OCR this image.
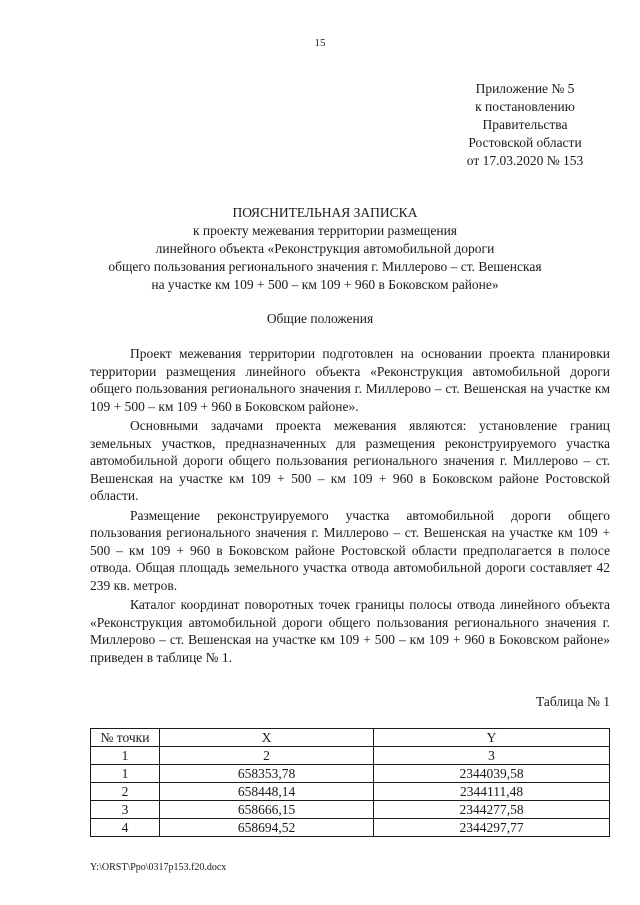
15
Приложение № 5
к постановлению
Правительства
Ростовской области
от 17.03.2020 № 153
ПОЯСНИТЕЛЬНАЯ ЗАПИСКА
к проекту межевания территории размещения
линейного объекта «Реконструкция автомобильной дороги
общего пользования регионального значения г. Миллерово – ст. Вешенская
на участке км 109 + 500 – км 109 + 960 в Боковском районе»
Общие положения

Проект межевания территории подготовлен на основании проекта планировки территории размещения линейного объекта «Реконструкция автомобильной дороги общего пользования регионального значения г. Миллерово – ст. Вешенская на участке км 109 + 500 – км 109 + 960 в Боковском районе».

Основными задачами проекта межевания являются: установление границ земельных участков, предназначенных для размещения реконструируемого участка автомобильной дороги общего пользования регионального значения г. Миллерово – ст. Вешенская на участке км 109 + 500 – км 109 + 960 в Боковском районе Ростовской области.

Размещение реконструируемого участка автомобильной дороги общего пользования регионального значения г. Миллерово – ст. Вешенская на участке км 109 + 500 – км 109 + 960 в Боковском районе Ростовской области предполагается в полосе отвода. Общая площадь земельного участка отвода автомобильной дороги составляет 42 239 кв. метров.

Каталог координат поворотных точек границы полосы отвода линейного объекта «Реконструкция автомобильной дороги общего пользования регионального значения г. Миллерово – ст. Вешенская на участке км 109 + 500 – км 109 + 960 в Боковском районе» приведен в таблице № 1.

Таблица № 1
№ точки	X	Y
1	2	3
1	658353,78	2344039,58
2	658448,14	2344111,48
3	658666,15	2344277,58
4	658694,52	2344297,77
Y:\ORST\Ppo\0317p153.f20.docx
